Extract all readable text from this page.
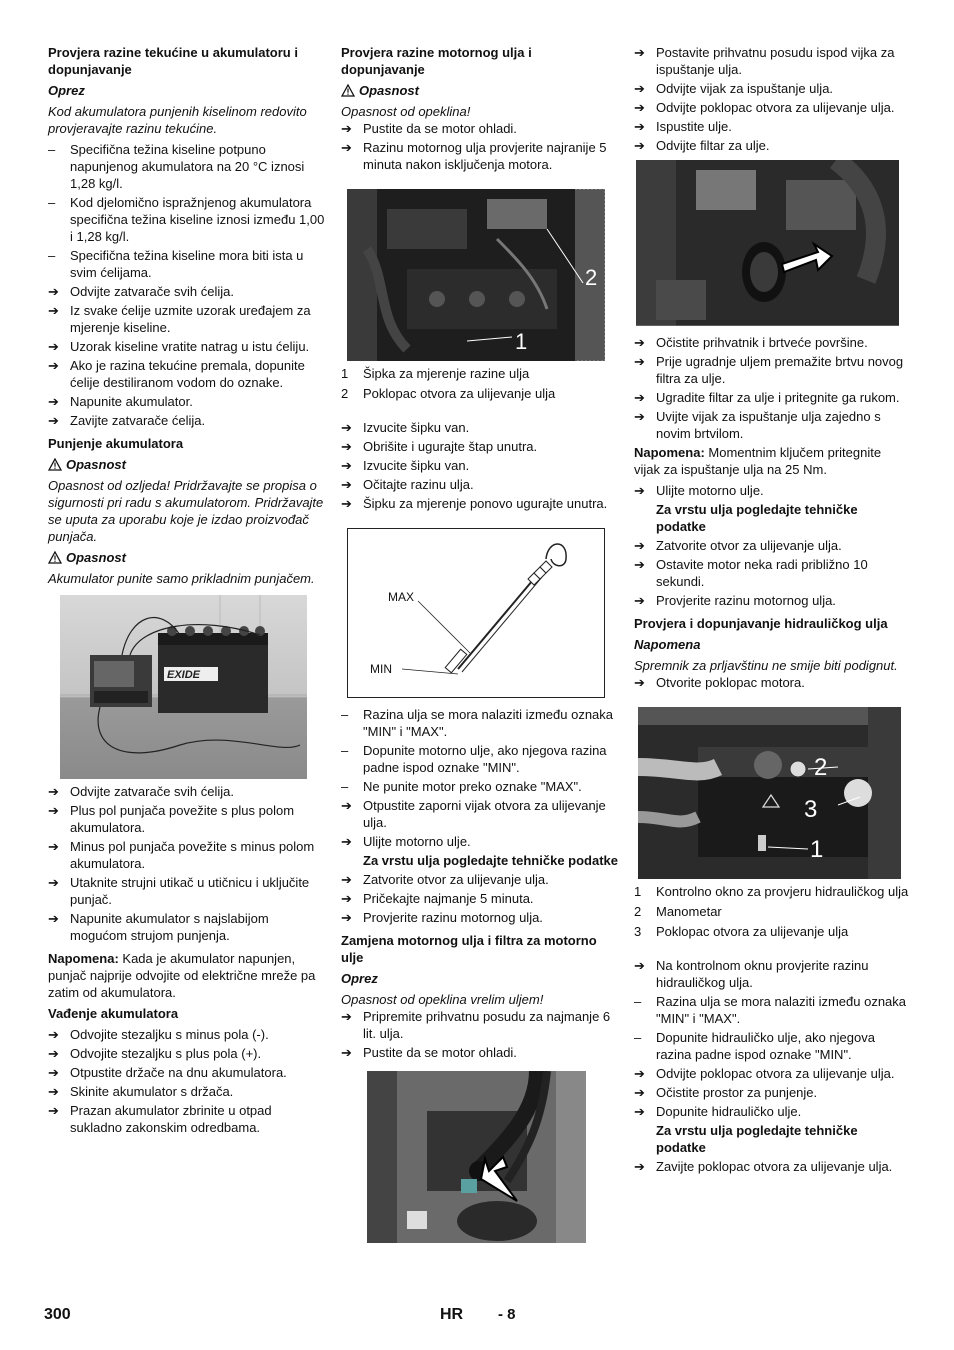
Provjera razine tekućine u akumulatoru i dopunjavanje

Oprez

Kod akumulatora punjenih kiselinom redovito provjeravajte razinu tekućine.

–	Specifična težina kiseline potpuno napunjenog akumulatora na 20 °C iznosi 1,28 kg/l.
–	Kod djelomično ispražnjenog akumulatora specifična težina kiseline iznosi između 1,00 i 1,28 kg/l.
–	Specifična težina kiseline mora biti ista u svim ćelijama.
➔ Odvijte zatvarače svih ćelija.
➔ Iz svake ćelije uzmite uzorak uređajem za mjerenje kiseline.
➔ Uzorak kiseline vratite natrag u istu ćeliju.
➔ Ako je razina tekućine premala, dopunite ćelije destiliranom vodom do oznake.
➔ Napunite akumulator.
➔ Zavijte zatvarače ćelija.

Punjenje akumulatora

Opasnost

Opasnost od ozljeda! Pridržavajte se propisa o sigurnosti pri radu s akumulatorom. Pridržavajte se uputa za uporabu koje je izdao proizvođač punjača.

Opasnost

Akumulator punite samo prikladnim punjačem.

EXIDE
➔ Odvijte zatvarače svih ćelija.
➔ Plus pol punjača povežite s plus polom akumulatora.
➔ Minus pol punjača povežite s minus polom akumulatora.
➔ Utaknite strujni utikač u utičnicu i uključite punjač.
➔ Napunite akumulator s najslabijom mogućom strujom punjenja.

Napomena: Kada je akumulator napunjen, punjač najprije odvojite od električne mreže pa zatim od akumulatora.

Vađenje akumulatora

➔ Odvojite stezaljku s minus pola (-).
➔ Odvojite stezaljku s plus pola (+).
➔ Otpustite držače na dnu akumulatora.
➔ Skinite akumulator s držača.
➔ Prazan akumulator zbrinite u otpad sukladno zakonskim odredbama.

Provjera razine motornog ulja i dopunjavanje

Opasnost

Opasnost od opeklina!

➔ Pustite da se motor ohladi.
➔ Razinu motornog ulja provjerite najranije 5 minuta nakon isključenja motora.
2
1
1	Šipka za mjerenje razine ulja
2	Poklopac otvora za ulijevanje ulja
➔ Izvucite šipku van.
➔ Obrišite i ugurajte štap unutra.
➔ Izvucite šipku van.
➔ Očitajte razinu ulja.
➔ Šipku za mjerenje ponovo ugurajte unutra.
MAX
MIN
–	Razina ulja se mora nalaziti između oznaka "MIN" i "MAX".
–	Dopunite motorno ulje, ako njegova razina padne ispod oznake "MIN".
–	Ne punite motor preko oznake "MAX".
➔ Otpustite zaporni vijak otvora za ulijevanje ulja.
➔ Ulijte motorno ulje.

Za vrstu ulja pogledajte tehničke podatke

➔ Zatvorite otvor za ulijevanje ulja.
➔ Pričekajte najmanje 5 minuta.
➔ Provjerite razinu motornog ulja.

Zamjena motornog ulja i filtra za motorno ulje

Oprez

Opasnost od opeklina vrelim uljem!

➔ Pripremite prihvatnu posudu za najmanje 6 lit. ulja.
➔ Pustite da se motor ohladi.
➔ Postavite prihvatnu posudu ispod vijka za ispuštanje ulja.
➔ Odvijte vijak za ispuštanje ulja.
➔ Odvijte poklopac otvora za ulijevanje ulja.
➔ Ispustite ulje.
➔ Odvijte filtar za ulje.
➔ Očistite prihvatnik i brtveće površine.
➔ Prije ugradnje uljem premažite brtvu novog filtra za ulje.
➔ Ugradite filtar za ulje i pritegnite ga rukom.
➔ Uvijte vijak za ispuštanje ulja zajedno s novim brtvilom.

Napomena: Momentnim ključem pritegnite vijak za ispuštanje ulja na 25 Nm.

➔ Ulijte motorno ulje.

Za vrstu ulja pogledajte tehničke podatke

➔ Zatvorite otvor za ulijevanje ulja.
➔ Ostavite motor neka radi približno 10 sekundi.
➔ Provjerite razinu motornog ulja.

Provjera i dopunjavanje hidrauličkog ulja

Napomena

Spremnik za prljavštinu ne smije biti podignut.

➔ Otvorite poklopac motora.
2
3
1
1	Kontrolno okno za provjeru hidrauličkog ulja
2	Manometar
3	Poklopac otvora za ulijevanje ulja
➔ Na kontrolnom oknu provjerite razinu hidrauličkog ulja.
–	Razina ulja se mora nalaziti između oznaka "MIN" i "MAX".
–	Dopunite hidrauličko ulje, ako njegova razina padne ispod oznake "MIN".
➔ Odvijte poklopac otvora za ulijevanje ulja.
➔ Očistite prostor za punjenje.
➔ Dopunite hidrauličko ulje.

Za vrstu ulja pogledajte tehničke podatke

➔ Zavijte poklopac otvora za ulijevanje ulja.
300	HR - 8
